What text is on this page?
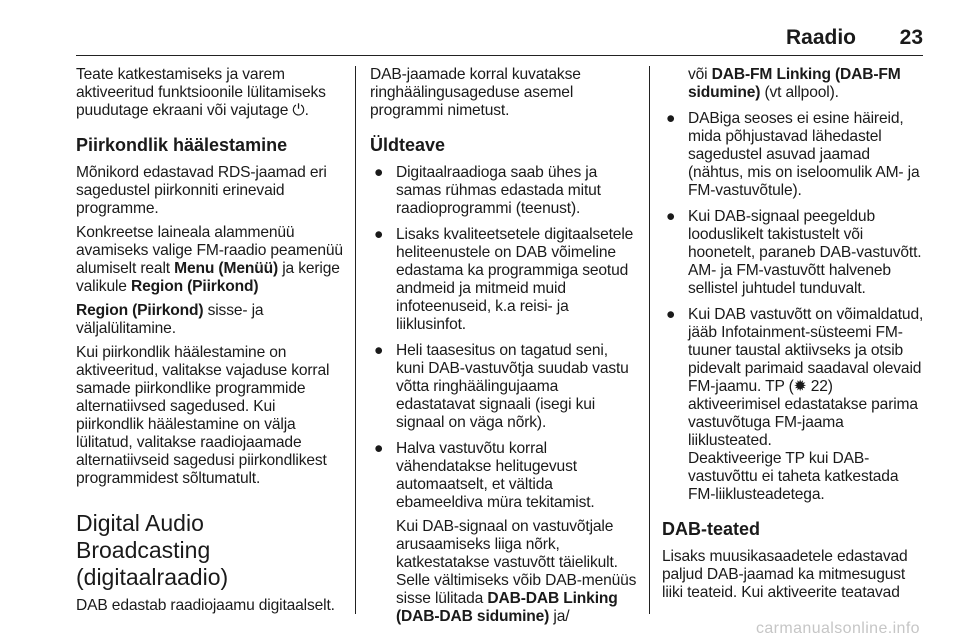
Raadio 23

Teate katkestamiseks ja varem aktiveeritud funktsioonile lülitamiseks puudutage ekraani või vajutage ⏻.

Piirkondlik häälestamine

Mõnikord edastavad RDS-jaamad eri sagedustel piirkonniti erinevaid programme.

Konkreetse laineala alammenüü avamiseks valige FM-raadio peamenüü alumiselt realt Menu (Menüü) ja kerige valikule Region (Piirkond)

Region (Piirkond) sisse- ja väljalülitamine.

Kui piirkondlik häälestamine on aktiveeritud, valitakse vajaduse korral samade piirkondlike programmide alternatiivsed sagedused. Kui piirkondlik häälestamine on välja lülitatud, valitakse raadiojaamade alternatiivseid sagedusi piirkondlikest programmidest sõltumatult.

Digital Audio Broadcasting (digitaalraadio)

DAB edastab raadiojaamu digitaalselt.

DAB-jaamade korral kuvatakse ringhäälingusageduse asemel programmi nimetust.

Üldteave
● Digitaalraadioga saab ühes ja samas rühmas edastada mitut raadioprogrammi (teenust).
● Lisaks kvaliteetsetele digitaalsetele heliteenustele on DAB võimeline edastama ka programmiga seotud andmeid ja mitmeid muid infoteenuseid, k.a reisi- ja liiklusinfot.
● Heli taasesitus on tagatud seni, kuni DAB-vastuvõtja suudab vastu võtta ringhäälingujaama edastatavat signaali (isegi kui signaal on väga nõrk).
● Halva vastuvõtu korral vähendatakse helitugevust automaatselt, et vältida ebameeldiva müra tekitamist.

Kui DAB-signaal on vastuvõtjale arusaamiseks liiga nõrk, katkestatakse vastuvõtt täielikult. Selle vältimiseks võib DAB-menüüs sisse lülitada DAB-DAB Linking (DAB-DAB sidumine) ja/

või DAB-FM Linking (DAB-FM sidumine) (vt allpool).

● DABiga seoses ei esine häireid, mida põhjustavad lähedastel sagedustel asuvad jaamad (nähtus, mis on iseloomulik AM- ja FM-vastuvõtule).
● Kui DAB-signaal peegeldub looduslikelt takistustelt või hoonetelt, paraneb DAB-vastuvõtt. AM- ja FM-vastuvõtt halveneb sellistel juhtudel tunduvalt.
● Kui DAB vastuvõtt on võimaldatud, jääb Infotainment-süsteemi FM-tuuner taustal aktiivseks ja otsib pidevalt parimaid saadaval olevaid FM-jaamu. TP (✹ 22) aktiveerimisel edastatakse parima vastuvõtuga FM-jaama liiklusteated.

Deaktiveerige TP kui DAB-vastuvõttu ei taheta katkestada FM-liiklusteadetega.

DAB-teated

Lisaks muusikasaadetele edastavad paljud DAB-jaamad ka mitmesugust liiki teateid. Kui aktiveerite teatavad

carmanualsonline.info
